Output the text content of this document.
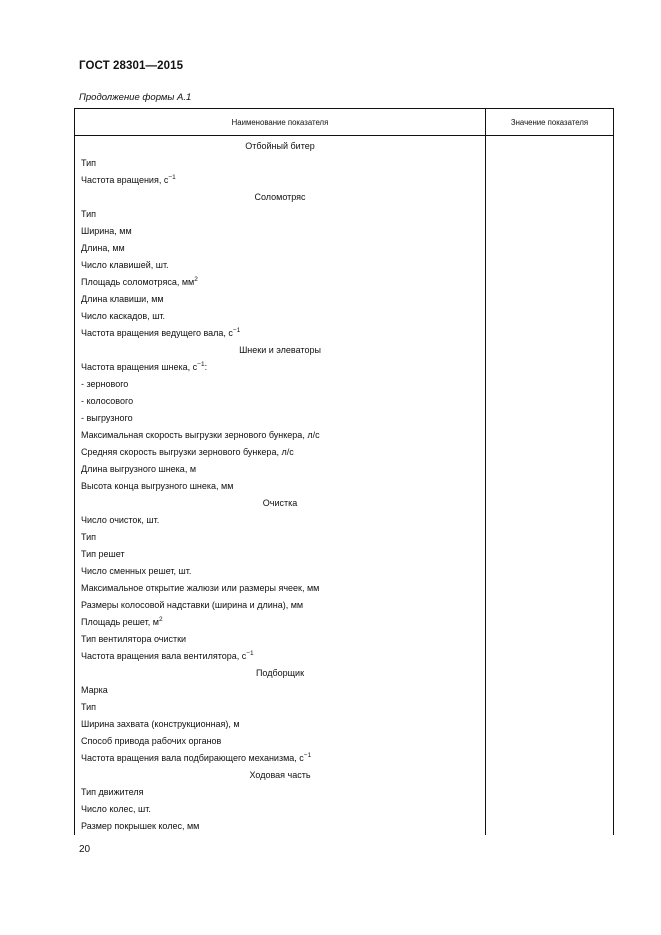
ГОСТ 28301—2015
Продолжение формы А.1
Наименование показателя	Значение показателя
Отбойный битер	
Тип	
Частота вращения, $с^{-1}$	
Соломотряс	
Тип	
Ширина, мм	
Длина, мм	
Число клавишей, шт.	
Площадь соломотряса, $мм^2$	
Длина клавиши, мм	
Число каскадов, шт.	
Частота вращения ведущего вала, $с^{-1}$	
Шнеки и элеваторы	
Частота вращения шнека, $с^{-1}$:	
- зернового	
- колосового	
- выгрузного	
Максимальная скорость выгрузки зернового бункера, л/с	
Средняя скорость выгрузки зернового бункера, л/с	
Длина выгрузного шнека, м	
Высота конца выгрузного шнека, мм	
Очистка	
Число очисток, шт.	
Тип	
Тип решет	
Число сменных решет, шт.	
Максимальное открытие жалюзи или размеры ячеек, мм	
Размеры колосовой надставки (ширина и длина), мм	
Площадь решет, $м^2$	
Тип вентилятора очистки	
Частота вращения вала вентилятора, $с^{-1}$	
Подборщик	
Марка	
Тип	
Ширина захвата (конструкционная), м	
Способ привода рабочих органов	
Частота вращения вала подбирающего механизма, $с^{-1}$	
Ходовая часть	
Тип движителя	
Число колес, шт.	
Размер покрышек колес, мм	
20
